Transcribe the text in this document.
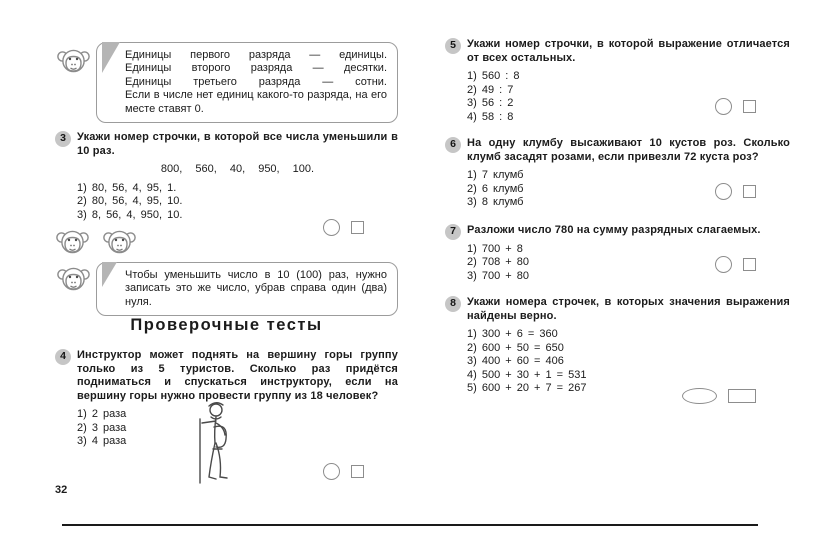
Единицы первого разряда — единицы.

Единицы второго разряда — десятки.

Единицы третьего разряда — сотни.

Если в числе нет единиц какого-то разряда, на его месте ставят 0.

3	Укажи номер строчки, в которой все числа уменьшили в 10 раз.

800, 560, 40, 950, 100.

1) 80, 56, 4, 95, 1.
2) 80, 56, 4, 95, 10.
3) 8, 56, 4, 950, 10.

Чтобы уменьшить число в 10 (100) раз, нужно записать это же число, убрав справа один (два) нуля.

Проверочные тесты
4	Инструктор может поднять на вершину горы группу только из 5 туристов. Сколько раз придётся подниматься и спускаться инструктору, если на вершину горы нужно провести группу из 18 человек?

1) 2 раза
2) 3 раза
3) 4 раза
5	Укажи номер строчки, в которой выражение отличается от всех остальных.

1) 560 : 8
2) 49 : 7
3) 56 : 2
4) 58 : 8
6	На одну клумбу высаживают 10 кустов роз. Сколько клумб засадят розами, если привезли 72 куста роз?

1) 7 клумб
2) 6 клумб
3) 8 клумб
7	Разложи число 780 на сумму разрядных слагаемых.

1) 700 + 8
2) 708 + 80
3) 700 + 80
8	Укажи номера строчек, в которых значения выражения найдены верно.

1) 300 + 6 = 360
2) 600 + 50 = 650
3) 400 + 60 = 406
4) 500 + 30 + 1 = 531
5) 600 + 20 + 7 = 267
32
